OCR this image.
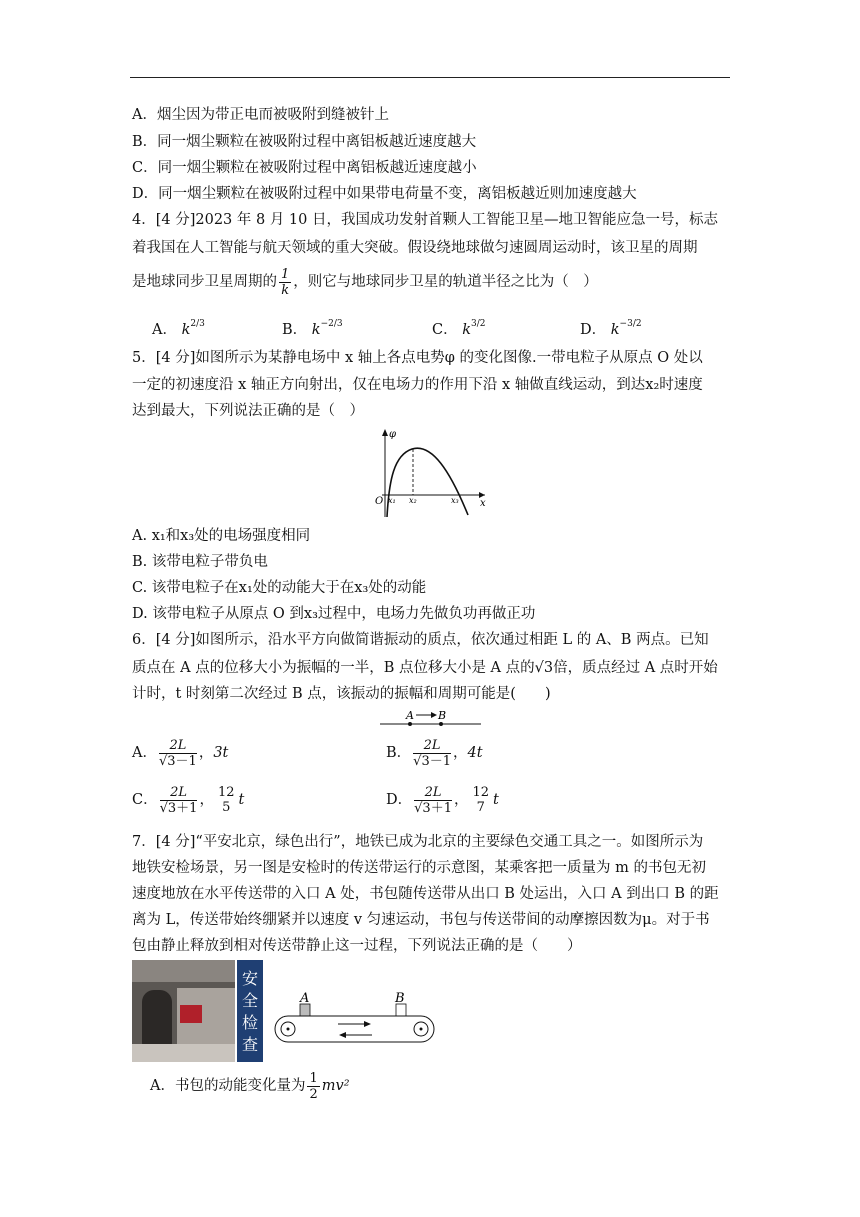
A．烟尘因为带正电而被吸附到缝被针上
B．同一烟尘颗粒在被吸附过程中离铝板越近速度越大
C．同一烟尘颗粒在被吸附过程中离铝板越近速度越小
D．同一烟尘颗粒在被吸附过程中如果带电荷量不变，离铝板越近则加速度越大
4．[4 分]2023 年 8 月 10 日，我国成功发射首颗人工智能卫星—地卫智能应急一号，标志
着我国在人工智能与航天领域的重大突破。假设绕地球做匀速圆周运动时，该卫星的周期
是地球同步卫星周期的 $\frac{1}{k}$ ，则它与地球同步卫星的轨道半径之比为（　）
A． $k^{2/3}$	B． $k^{-2/3}$	C． $k^{3/2}$	D． $k^{-3/2}$
5．[4 分]如图所示为某静电场中 x 轴上各点电势φ 的变化图像.一带电粒子从原点 O 处以
一定的初速度沿 x 轴正方向射出，仅在电场力的作用下沿 x 轴做直线运动，到达x₂时速度
达到最大，下列说法正确的是（　）
φ
x
O x₁ x₂	x₃
A. x₁和x₃处的电场强度相同
B. 该带电粒子带负电
C. 该带电粒子在x₁处的动能大于在x₃处的动能
D. 该带电粒子从原点 O 到x₃过程中，电场力先做负功再做正功
6．[4 分]如图所示，沿水平方向做简谐振动的质点，依次通过相距 L 的 A、B 两点。已知
质点在 A 点的位移大小为振幅的一半，B 点位移大小是 A 点的√3倍，质点经过 A 点时开始
计时，t 时刻第二次经过 B 点，该振动的振幅和周期可能是(　　)
A B
A． $\frac{2L}{√3-1}$ ，3t	B． $\frac{2L}{√3-1}$ ，4t
C． $\frac{2L}{√3+1}$ ， 12
5 t	D． $\frac{2L}{√3+1}$ ， 12
7 t
7．[4 分]“平安北京，绿色出行”，地铁已成为北京的主要绿色交通工具之一。如图所示为
地铁安检场景，另一图是安检时的传送带运行的示意图，某乘客把一质量为 m 的书包无初
速度地放在水平传送带的入口 A 处，书包随传送带从出口 B 处运出，入口 A 到出口 B 的距
离为 L，传送带始终绷紧并以速度 v 匀速运动，书包与传送带间的动摩擦因数为μ。对于书
包由静止释放到相对传送带静止这一过程，下列说法正确的是（　　）
安
全
检
查
A	B
A．书包的动能变化量为 $\frac{1}{2} mv^2$
